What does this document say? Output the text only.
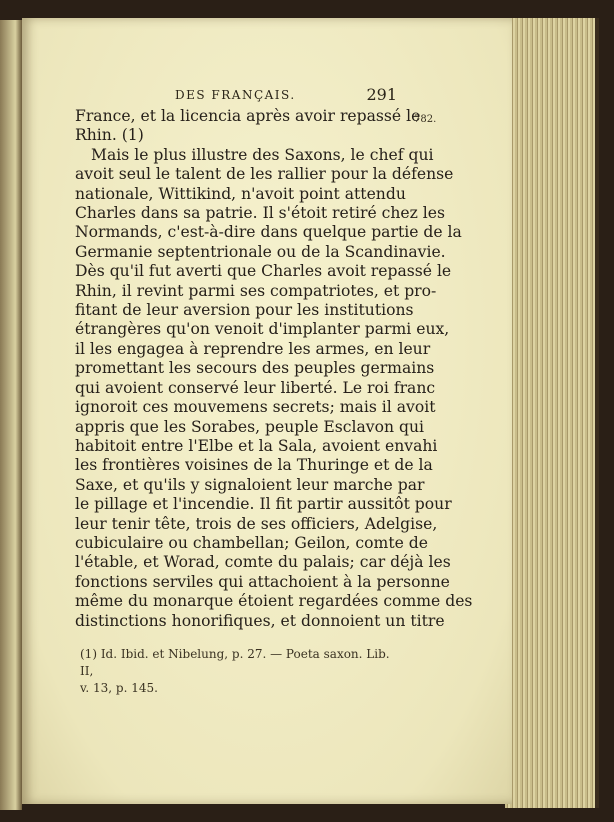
DES FRANÇAIS.	291
782.
France, et la licencia après avoir repassé le
Rhin. (1)
Mais le plus illustre des Saxons, le chef qui
avoit seul le talent de les rallier pour la défense
nationale, Wittikind, n'avoit point attendu
Charles dans sa patrie. Il s'étoit retiré chez les
Normands, c'est-à-dire dans quelque partie de la
Germanie septentrionale ou de la Scandinavie.
Dès qu'il fut averti que Charles avoit repassé le
Rhin, il revint parmi ses compatriotes, et pro-
fitant de leur aversion pour les institutions
étrangères qu'on venoit d'implanter parmi eux,
il les engagea à reprendre les armes, en leur
promettant les secours des peuples germains
qui avoient conservé leur liberté. Le roi franc
ignoroit ces mouvemens secrets; mais il avoit
appris que les Sorabes, peuple Esclavon qui
habitoit entre l'Elbe et la Sala, avoient envahi
les frontières voisines de la Thuringe et de la
Saxe, et qu'ils y signaloient leur marche par
le pillage et l'incendie. Il fit partir aussitôt pour
leur tenir tête, trois de ses officiers, Adelgise,
cubiculaire ou chambellan; Geilon, comte de
l'étable, et Worad, comte du palais; car déjà les
fonctions serviles qui attachoient à la personne
même du monarque étoient regardées comme des
distinctions honorifiques, et donnoient un titre
(1) Id. Ibid. et Nibelung, p. 27. — Poeta saxon. Lib. II,
v. 13, p. 145.
